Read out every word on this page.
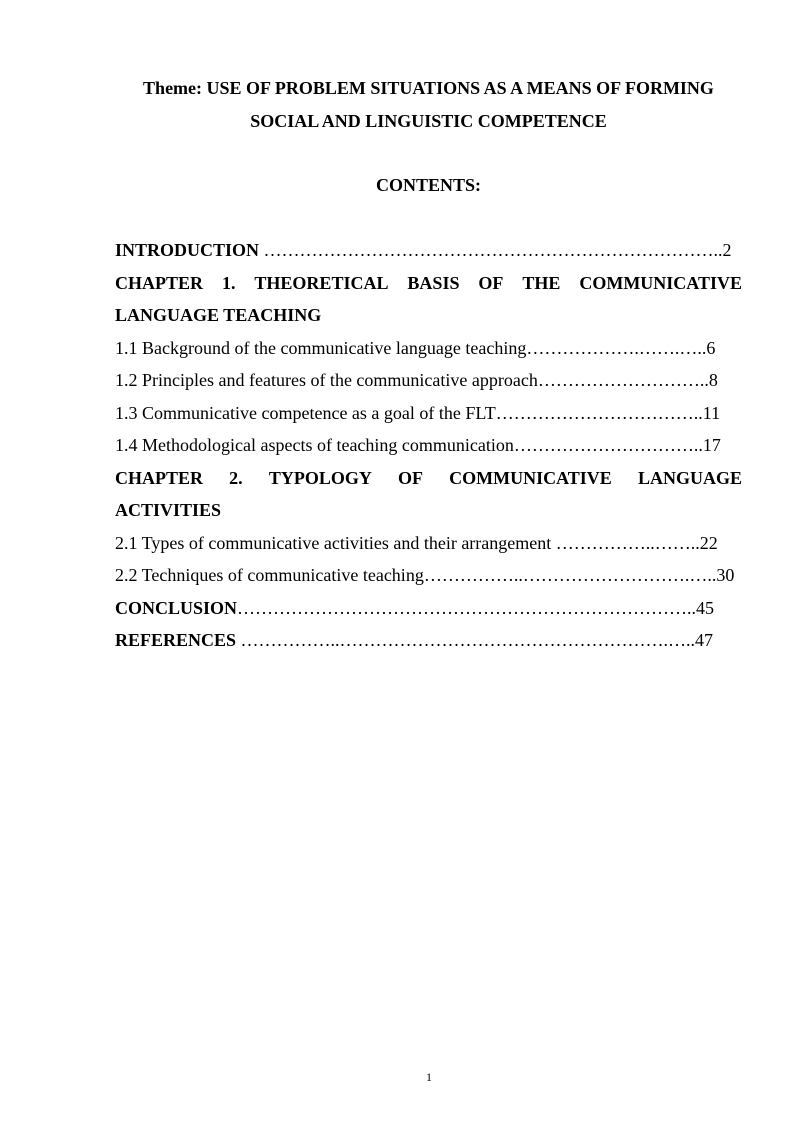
Theme: USE OF PROBLEM SITUATIONS AS A MEANS OF FORMING
SOCIAL AND LINGUISTIC COMPETENCE
CONTENTS:
INTRODUCTION …………………………………………………………………..2
CHAPTER 1. THEORETICAL BASIS OF THE COMMUNICATIVE
LANGUAGE TEACHING
1.1 Background of the communicative language teaching……………….…….…..6
1.2 Principles and features of the communicative approach………………………..8
1.3 Communicative competence as a goal of the FLT……………………………..11
1.4 Methodological aspects of teaching communication…………………………..17
CHAPTER 2. TYPOLOGY OF COMMUNICATIVE LANGUAGE
ACTIVITIES
2.1 Types of communicative activities and their arrangement ……………..……..22
2.2 Techniques of communicative teaching……………..……………………….…..30
CONCLUSION…………………………………………………………………..45
REFERENCES ……………..……………………………………………….…..47
1
